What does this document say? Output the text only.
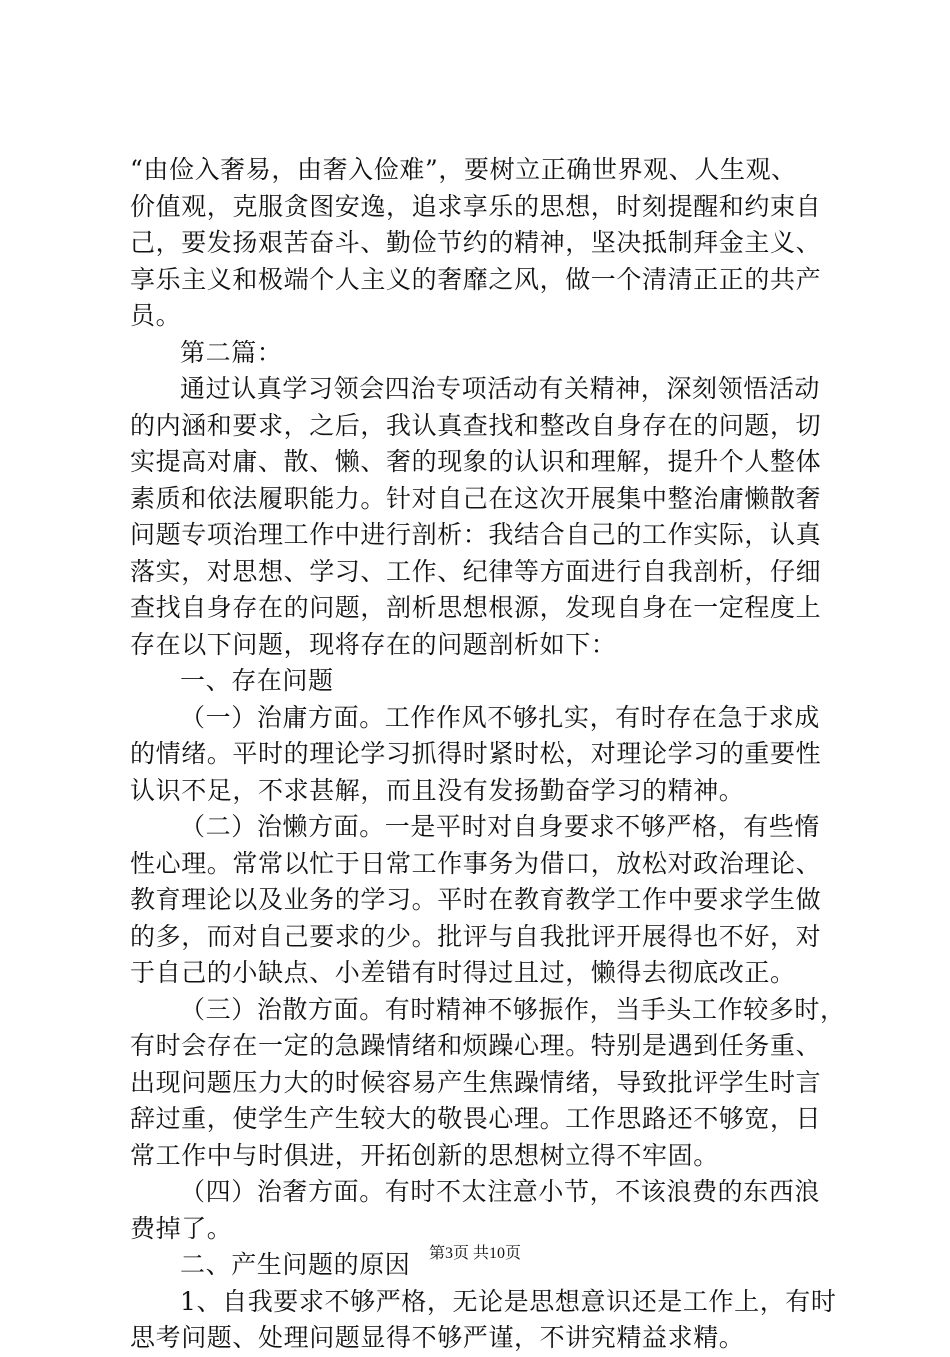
“由俭入奢易，由奢入俭难”，要树立正确世界观、人生观、
价值观，克服贪图安逸，追求享乐的思想，时刻提醒和约束自
己，要发扬艰苦奋斗、勤俭节约的精神，坚决抵制拜金主义、
享乐主义和极端个人主义的奢靡之风，做一个清清正正的共产
员。
第二篇：
通过认真学习领会四治专项活动有关精神，深刻领悟活动
的内涵和要求，之后，我认真查找和整改自身存在的问题，切
实提高对庸、散、懒、奢的现象的认识和理解，提升个人整体
素质和依法履职能力。针对自己在这次开展集中整治庸懒散奢
问题专项治理工作中进行剖析：我结合自己的工作实际，认真
落实，对思想、学习、工作、纪律等方面进行自我剖析，仔细
查找自身存在的问题，剖析思想根源，发现自身在一定程度上
存在以下问题，现将存在的问题剖析如下：
一、存在问题
（一）治庸方面。工作作风不够扎实，有时存在急于求成
的情绪。平时的理论学习抓得时紧时松，对理论学习的重要性
认识不足，不求甚解，而且没有发扬勤奋学习的精神。
（二）治懒方面。一是平时对自身要求不够严格，有些惰
性心理。常常以忙于日常工作事务为借口，放松对政治理论、
教育理论以及业务的学习。平时在教育教学工作中要求学生做
的多，而对自己要求的少。批评与自我批评开展得也不好，对
于自己的小缺点、小差错有时得过且过，懒得去彻底改正。
（三）治散方面。有时精神不够振作，当手头工作较多时，
有时会存在一定的急躁情绪和烦躁心理。特别是遇到任务重、
出现问题压力大的时候容易产生焦躁情绪，导致批评学生时言
辞过重，使学生产生较大的敬畏心理。工作思路还不够宽，日
常工作中与时俱进，开拓创新的思想树立得不牢固。
（四）治奢方面。有时不太注意小节，不该浪费的东西浪
费掉了。
二、产生问题的原因
1、自我要求不够严格，无论是思想意识还是工作上，有时
思考问题、处理问题显得不够严谨，不讲究精益求精。
第3页 共10页
